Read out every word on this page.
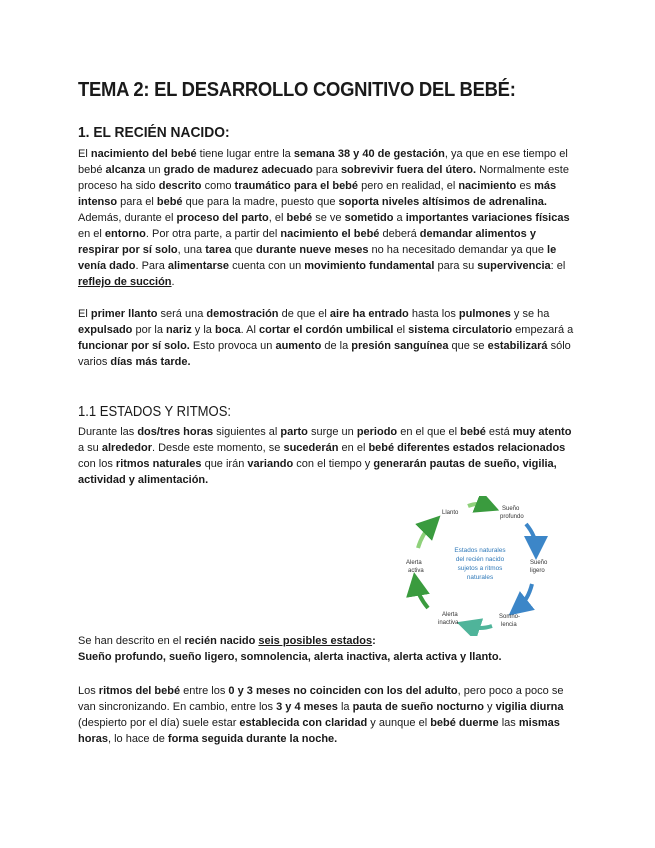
TEMA 2: EL DESARROLLO COGNITIVO DEL BEBÉ:
1. EL RECIÉN NACIDO:

El nacimiento del bebé tiene lugar entre la semana 38 y 40 de gestación, ya que en ese tiempo el bebé alcanza un grado de madurez adecuado para sobrevivir fuera del útero. Normalmente este proceso ha sido descrito como traumático para el bebé pero en realidad, el nacimiento es más intenso para el bebé que para la madre, puesto que soporta niveles altísimos de adrenalina. Además, durante el proceso del parto, el bebé se ve sometido a importantes variaciones físicas en el entorno. Por otra parte, a partir del nacimiento el bebé deberá demandar alimentos y respirar por sí solo, una tarea que durante nueve meses no ha necesitado demandar ya que le venía dado. Para alimentarse cuenta con un movimiento fundamental para su supervivencia: el reflejo de succión.

El primer llanto será una demostración de que el aire ha entrado hasta los pulmones y se ha expulsado por la nariz y la boca. Al cortar el cordón umbilical el sistema circulatorio empezará a funcionar por sí solo. Esto provoca un aumento de la presión sanguínea que se estabilizará sólo varios días más tarde.

1.1 ESTADOS Y RITMOS:

Durante las dos/tres horas siguientes al parto surge un periodo en el que el bebé está muy atento a su alrededor. Desde este momento, se sucederán en el bebé diferentes estados relacionados con los ritmos naturales que irán variando con el tiempo y generarán pautas de sueño, vigilia, actividad y alimentación.

Se han descrito en el recién nacido seis posibles estados:
Sueño profundo, sueño ligero, somnolencia, alerta inactiva, alerta activa y llanto.

Los ritmos del bebé entre los 0 y 3 meses no coinciden con los del adulto, pero poco a poco se van sincronizando. En cambio, entre los 3 y 4 meses la pauta de sueño nocturno y vigilia diurna (despierto por el día) suele estar establecida con claridad y aunque el bebé duerme las mismas horas, lo hace de forma seguida durante la noche.

Llanto
Sueño
profundo
Sueño
ligero
Somno-
lencia
Alerta
inactiva
Alerta
activa
Estados naturales
del recién nacido
sujetos a ritmos
naturales
